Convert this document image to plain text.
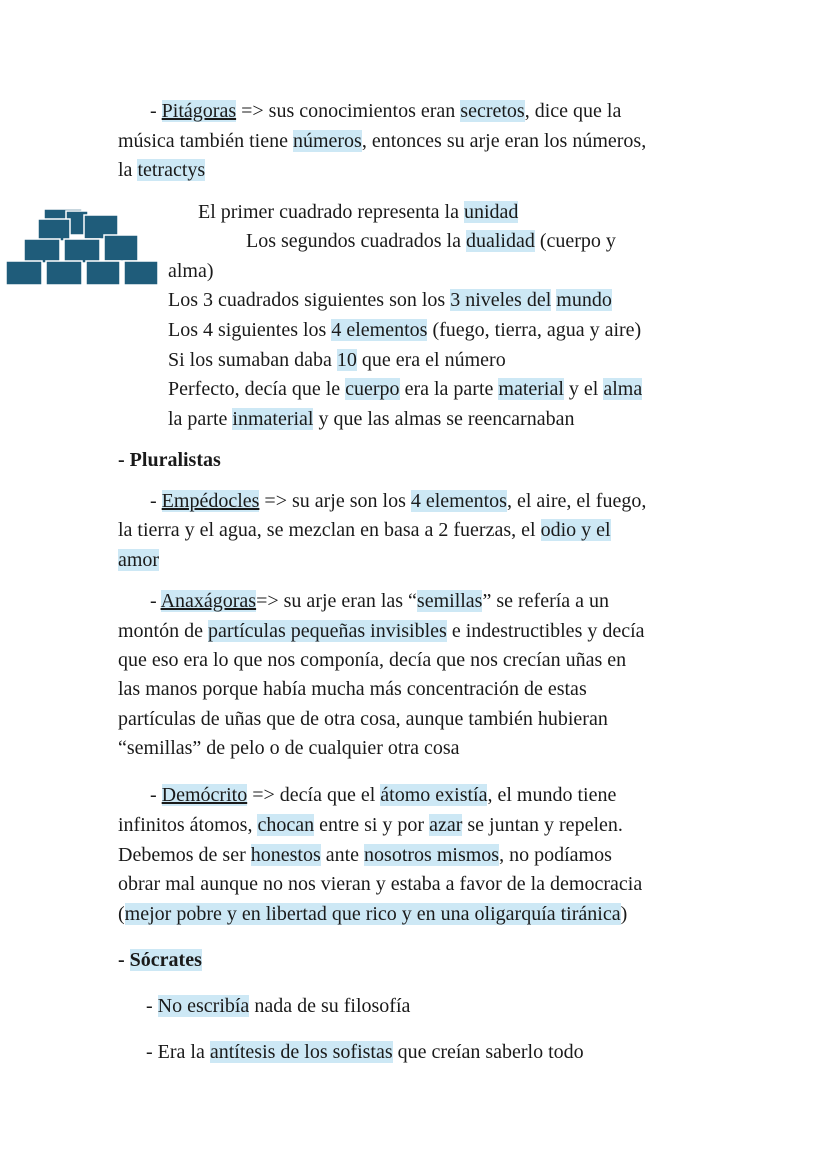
- Pitágoras => sus conocimientos eran secretos, dice que la
música también tiene números, entonces su arje eran los números,
la tetractys
El primer cuadrado representa la unidad
Los segundos cuadrados la dualidad (cuerpo y
alma)
Los 3 cuadrados siguientes son los 3 niveles del mundo
Los 4 siguientes los 4 elementos (fuego, tierra, agua y aire)
Si los sumaban daba 10 que era el número
Perfecto, decía que le cuerpo era la parte material y el alma
la parte inmaterial y que las almas se reencarnaban
- Pluralistas
- Empédocles => su arje son los 4 elementos, el aire, el fuego,
la tierra y el agua, se mezclan en basa a 2 fuerzas, el odio y el
amor
- Anaxágoras=> su arje eran las “semillas” se refería a un
montón de partículas pequeñas invisibles e indestructibles y decía
que eso era lo que nos componía, decía que nos crecían uñas en
las manos porque había mucha más concentración de estas
partículas de uñas que de otra cosa, aunque también hubieran
“semillas” de pelo o de cualquier otra cosa
- Demócrito => decía que el átomo existía, el mundo tiene
infinitos átomos, chocan entre si y por azar se juntan y repelen.
Debemos de ser honestos ante nosotros mismos, no podíamos
obrar mal aunque no nos vieran y estaba a favor de la democracia
(mejor pobre y en libertad que rico y en una oligarquía tiránica)
- Sócrates
- No escribía nada de su filosofía
- Era la antítesis de los sofistas que creían saberlo todo
